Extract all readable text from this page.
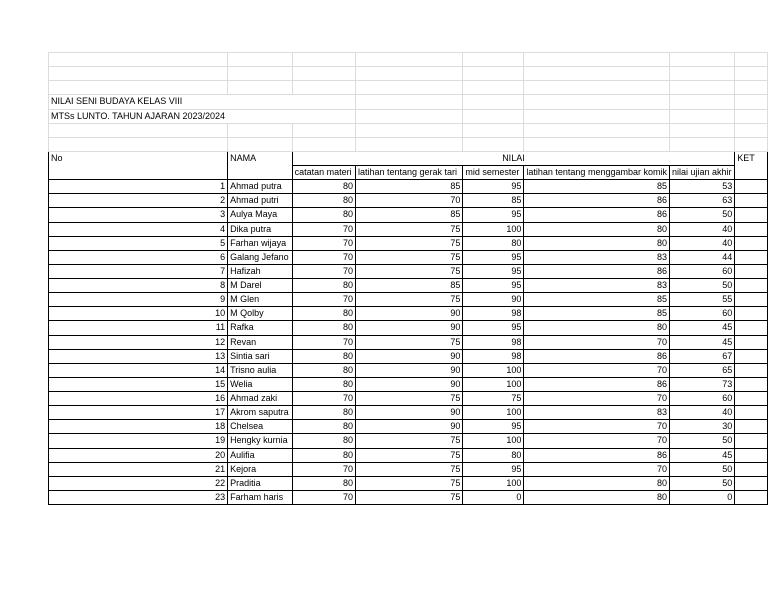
NILAI SENI BUDAYA KELAS VIII							
MTSs LUNTO. TAHUN AJARAN 2023/2024							

No	NAMA	NILAI					KET
		catatan materi	latihan tentang gerak tari	mid semester	latihan tentang menggambar komik	nilai ujian akhir	
1	Ahmad putra	80	85	95	85	53	
2	Ahmad putri	80	70	85	86	63	
3	Aulya Maya	80	85	95	86	50	
4	Dika putra	70	75	100	80	40	
5	Farhan wijaya	70	75	80	80	40	
6	Galang Jefano	70	75	95	83	44	
7	Hafizah	70	75	95	86	60	
8	M Darel	80	85	95	83	50	
9	M Glen	70	75	90	85	55	
10	M Qolby	80	90	98	85	60	
11	Rafka	80	90	95	80	45	
12	Revan	70	75	98	70	45	
13	Sintia sari	80	90	98	86	67	
14	Trisno aulia	80	90	100	70	65	
15	Welia	80	90	100	86	73	
16	Ahmad zaki	70	75	75	70	60	
17	Akrom saputra	80	90	100	83	40	
18	Chelsea	80	90	95	70	30	
19	Hengky kurnia	80	75	100	70	50	
20	Aulifia	80	75	80	86	45	
21	Kejora	70	75	95	70	50	
22	Praditia	80	75	100	80	50	
23	Farham haris	70	75	0	80	0	
